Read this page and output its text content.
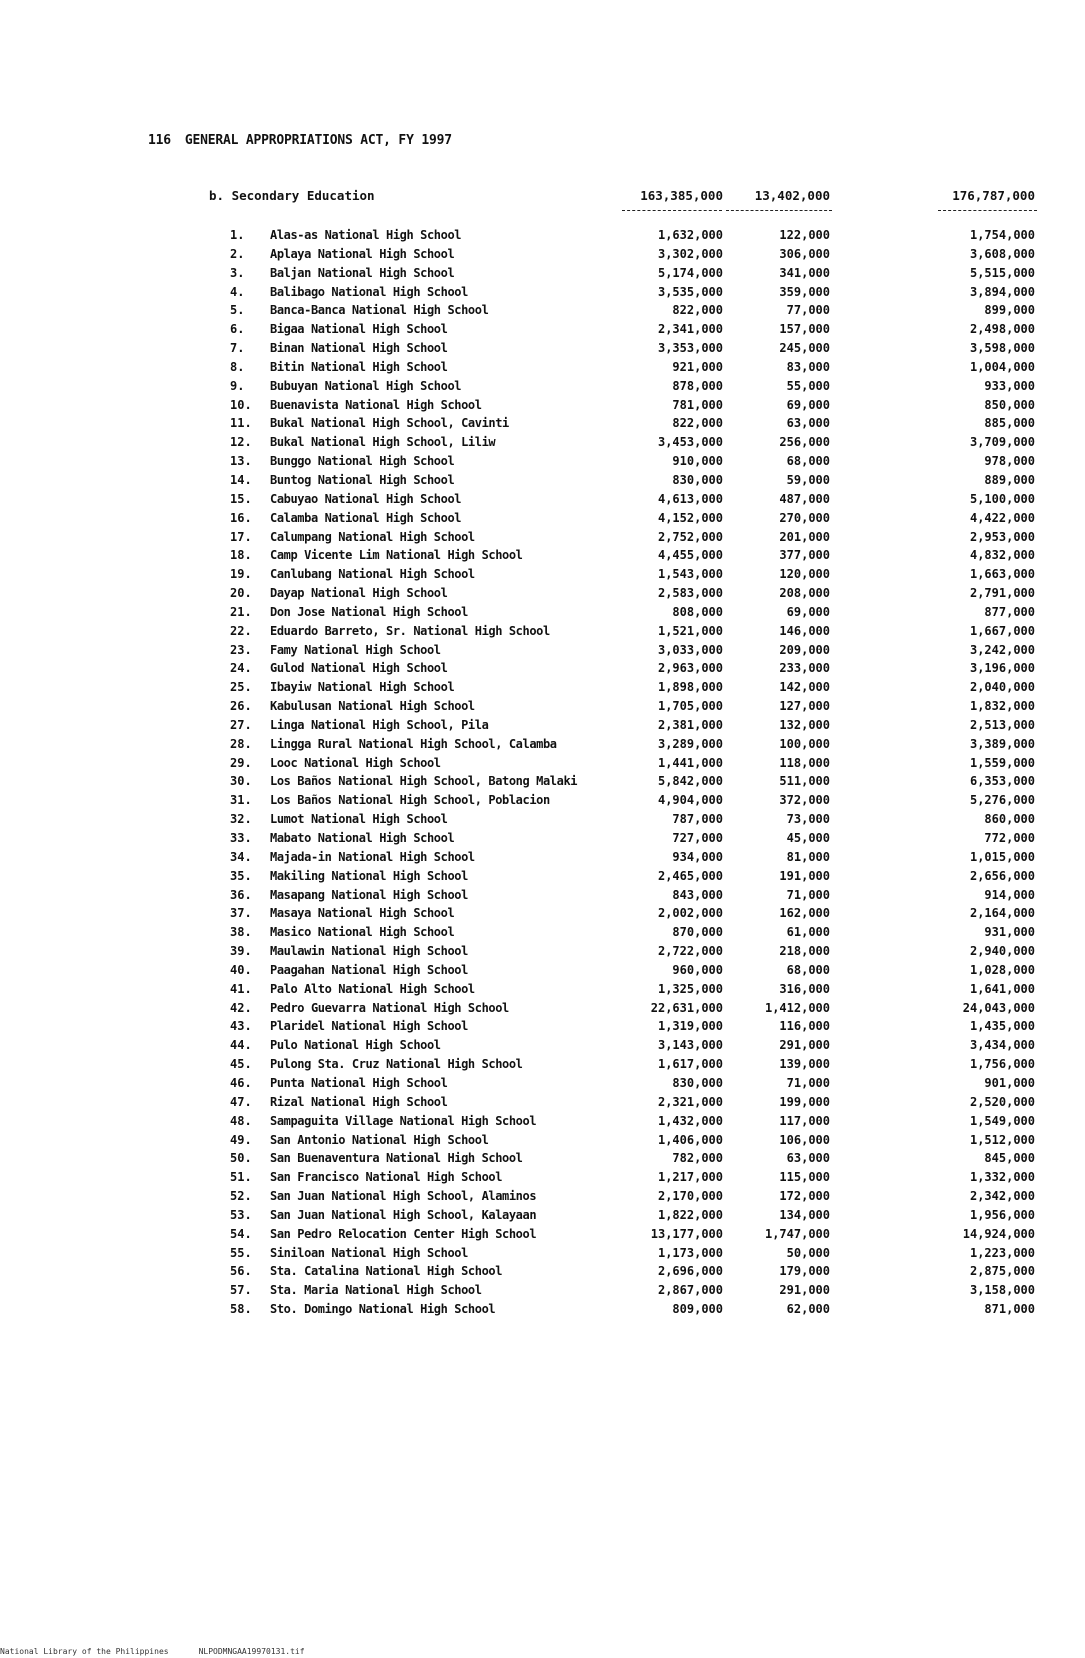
116 GENERAL APPROPRIATIONS ACT, FY 1997
b. Secondary Education	163,385,000	13,402,000	176,787,000
1.	Alas-as National High School	1,632,000	122,000	1,754,000
2.	Aplaya National High School	3,302,000	306,000	3,608,000
3.	Baljan National High School	5,174,000	341,000	5,515,000
4.	Balibago National High School	3,535,000	359,000	3,894,000
5.	Banca-Banca National High School	822,000	77,000	899,000
6.	Bigaa National High School	2,341,000	157,000	2,498,000
7.	Binan National High School	3,353,000	245,000	3,598,000
8.	Bitin National High School	921,000	83,000	1,004,000
9.	Bubuyan National High School	878,000	55,000	933,000
10.	Buenavista National High School	781,000	69,000	850,000
11.	Bukal National High School, Cavinti	822,000	63,000	885,000
12.	Bukal National High School, Liliw	3,453,000	256,000	3,709,000
13.	Bunggo National High School	910,000	68,000	978,000
14.	Buntog National High School	830,000	59,000	889,000
15.	Cabuyao National High School	4,613,000	487,000	5,100,000
16.	Calamba National High School	4,152,000	270,000	4,422,000
17.	Calumpang National High School	2,752,000	201,000	2,953,000
18.	Camp Vicente Lim National High School	4,455,000	377,000	4,832,000
19.	Canlubang National High School	1,543,000	120,000	1,663,000
20.	Dayap National High School	2,583,000	208,000	2,791,000
21.	Don Jose National High School	808,000	69,000	877,000
22.	Eduardo Barreto, Sr. National High School	1,521,000	146,000	1,667,000
23.	Famy National High School	3,033,000	209,000	3,242,000
24.	Gulod National High School	2,963,000	233,000	3,196,000
25.	Ibayiw National High School	1,898,000	142,000	2,040,000
26.	Kabulusan National High School	1,705,000	127,000	1,832,000
27.	Linga National High School, Pila	2,381,000	132,000	2,513,000
28.	Lingga Rural National High School, Calamba	3,289,000	100,000	3,389,000
29.	Looc National High School	1,441,000	118,000	1,559,000
30.	Los Baños National High School, Batong Malaki	5,842,000	511,000	6,353,000
31.	Los Baños National High School, Poblacion	4,904,000	372,000	5,276,000
32.	Lumot National High School	787,000	73,000	860,000
33.	Mabato National High School	727,000	45,000	772,000
34.	Majada-in National High School	934,000	81,000	1,015,000
35.	Makiling National High School	2,465,000	191,000	2,656,000
36.	Masapang National High School	843,000	71,000	914,000
37.	Masaya National High School	2,002,000	162,000	2,164,000
38.	Masico National High School	870,000	61,000	931,000
39.	Maulawin National High School	2,722,000	218,000	2,940,000
40.	Paagahan National High School	960,000	68,000	1,028,000
41.	Palo Alto National High School	1,325,000	316,000	1,641,000
42.	Pedro Guevarra National High School	22,631,000	1,412,000	24,043,000
43.	Plaridel National High School	1,319,000	116,000	1,435,000
44.	Pulo National High School	3,143,000	291,000	3,434,000
45.	Pulong Sta. Cruz National High School	1,617,000	139,000	1,756,000
46.	Punta National High School	830,000	71,000	901,000
47.	Rizal National High School	2,321,000	199,000	2,520,000
48.	Sampaguita Village National High School	1,432,000	117,000	1,549,000
49.	San Antonio National High School	1,406,000	106,000	1,512,000
50.	San Buenaventura National High School	782,000	63,000	845,000
51.	San Francisco National High School	1,217,000	115,000	1,332,000
52.	San Juan National High School, Alaminos	2,170,000	172,000	2,342,000
53.	San Juan National High School, Kalayaan	1,822,000	134,000	1,956,000
54.	San Pedro Relocation Center High School	13,177,000	1,747,000	14,924,000
55.	Siniloan National High School	1,173,000	50,000	1,223,000
56.	Sta. Catalina National High School	2,696,000	179,000	2,875,000
57.	Sta. Maria National High School	2,867,000	291,000	3,158,000
58.	Sto. Domingo National High School	809,000	62,000	871,000
National Library of the Philippines	NLPODMNGAA19970131.tif
